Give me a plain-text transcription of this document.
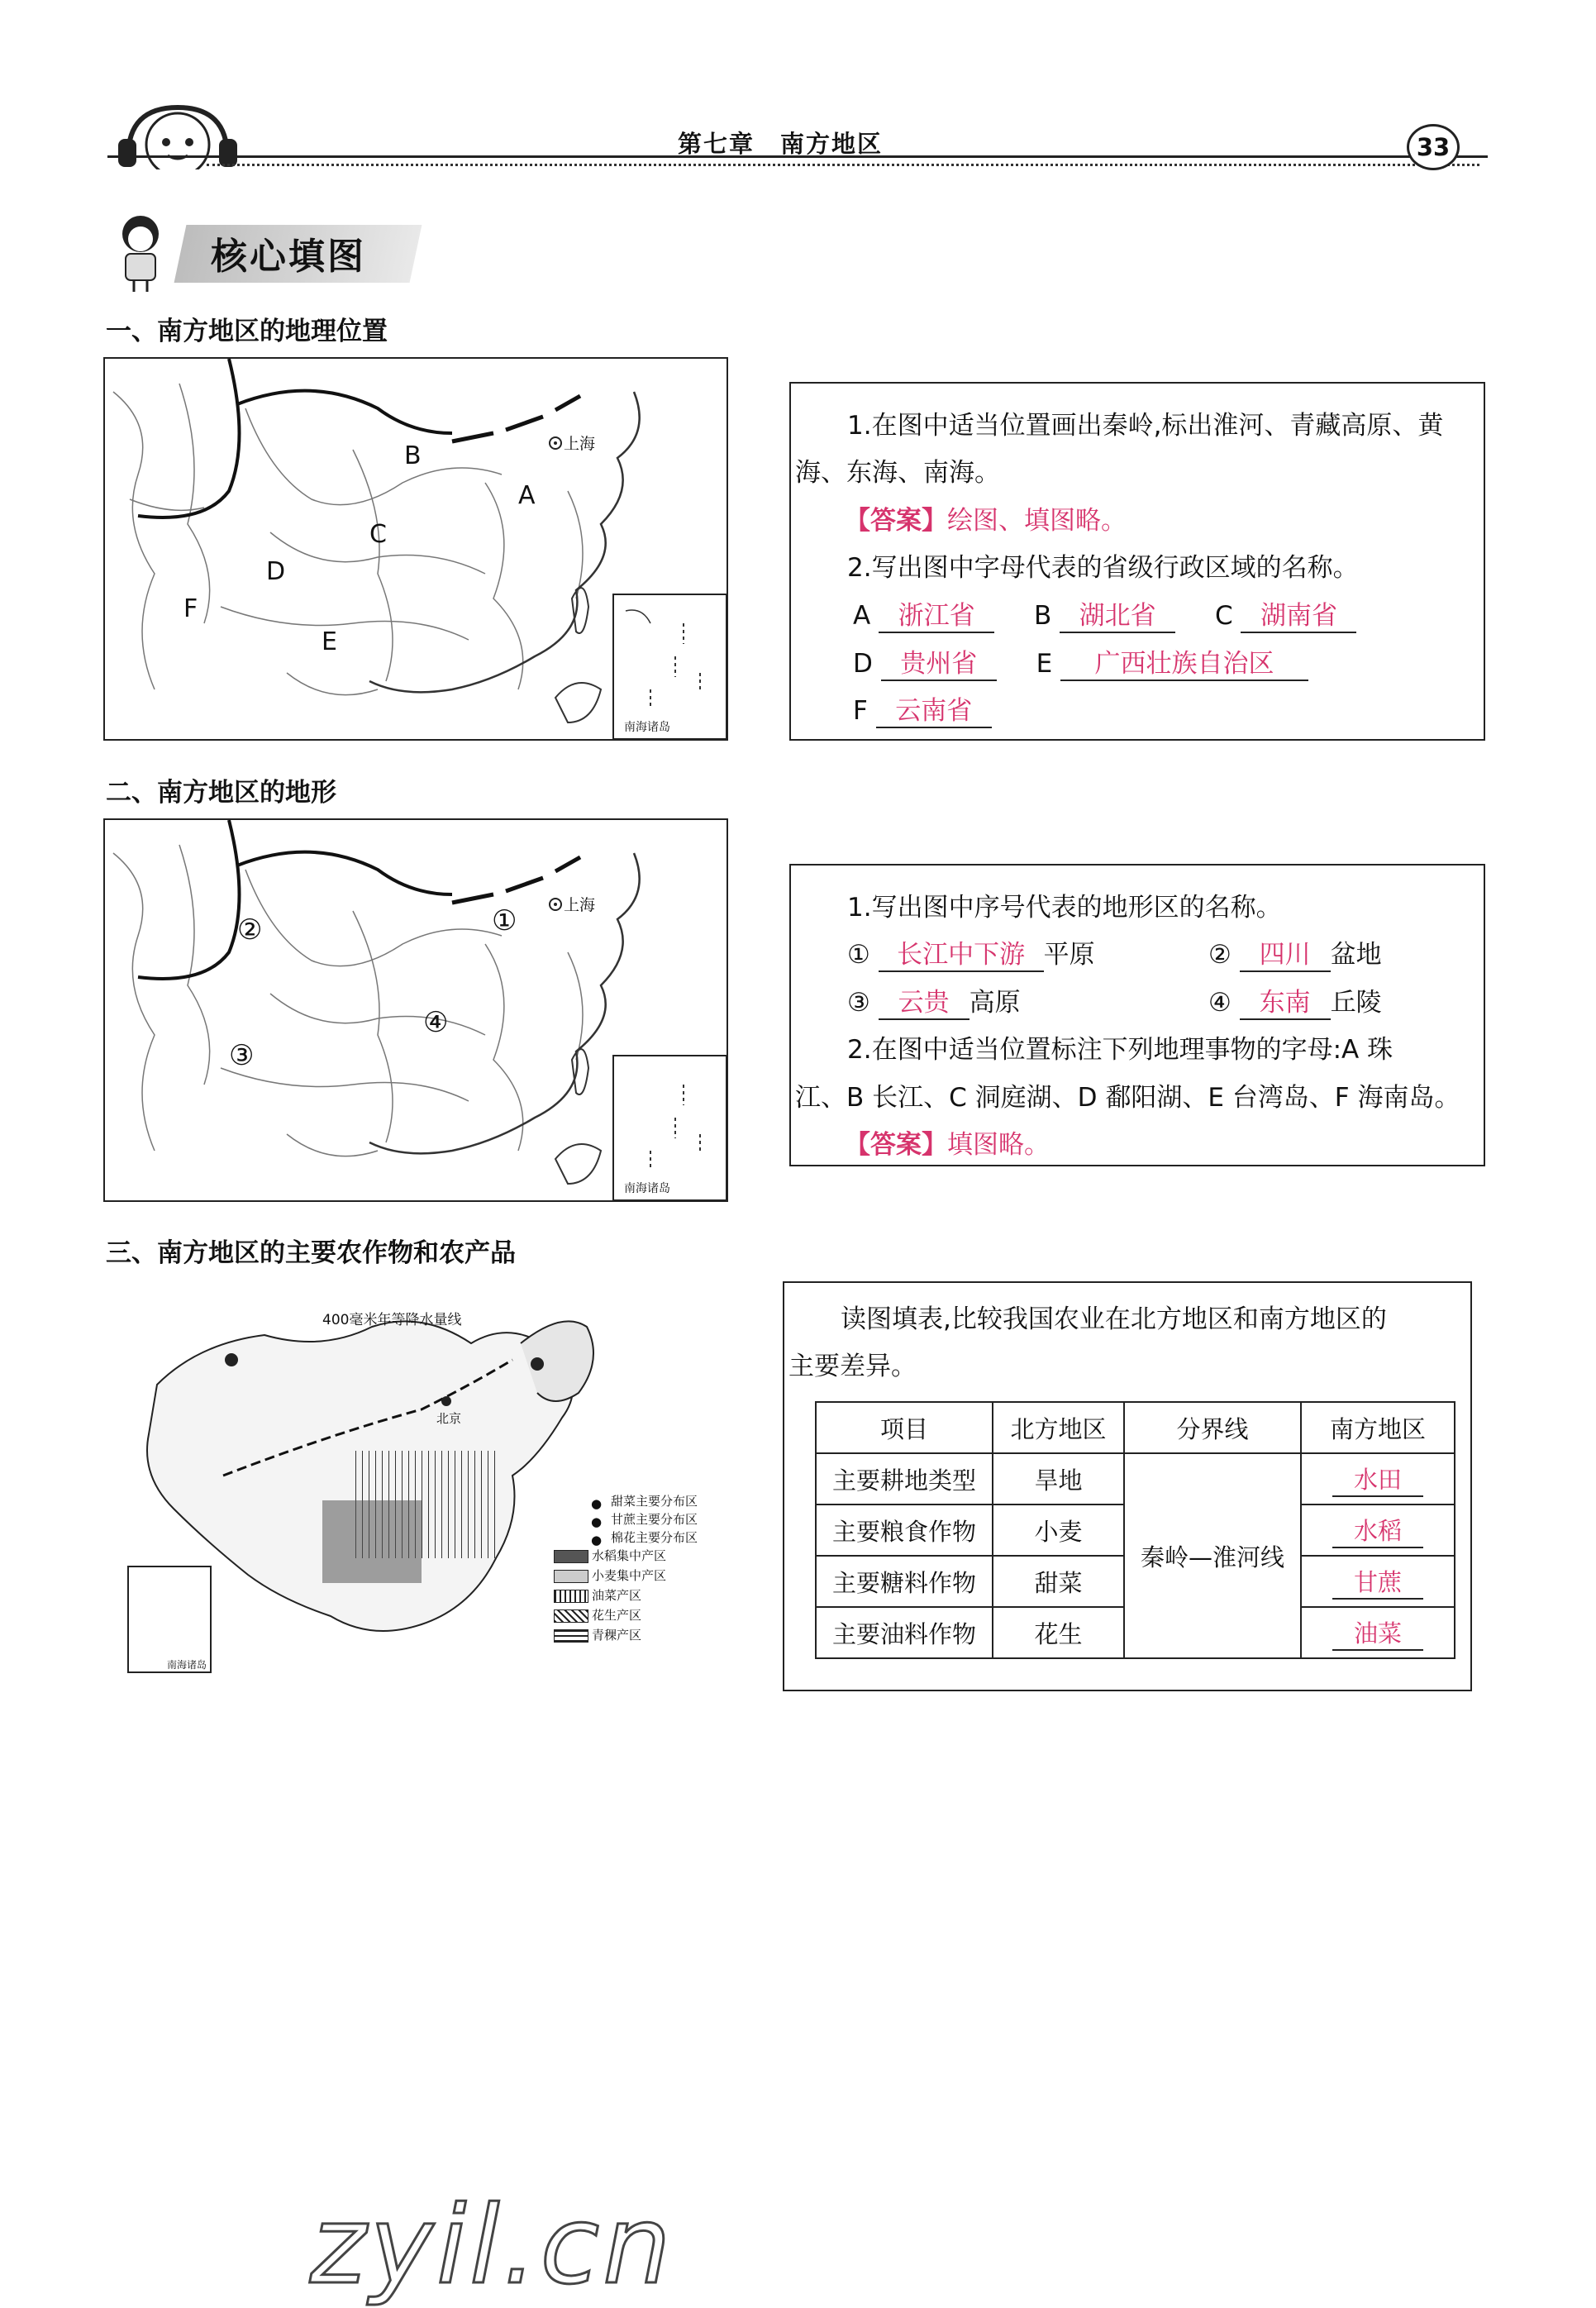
第七章　南方地区	33
核心填图
一、南方地区的地理位置
上海
南海诸岛
A
B
C
D
E
F
1.在图中适当位置画出秦岭,标出淮河、青藏高原、黄
海、东海、南海。
【答案】绘图、填图略。
2.写出图中字母代表的省级行政区域的名称。
A 浙江省 B 湖北省 C 湖南省
D 贵州省 E 广西壮族自治区
F 云南省
二、南方地区的地形
上海
南海诸岛
①
②
③
④
1.写出图中序号代表的地形区的名称。
① 长江中下游 平原	② 四川 盆地
③ 云贵 高原	④ 东南 丘陵
2.在图中适当位置标注下列地理事物的字母:A 珠
江、B 长江、C 洞庭湖、D 鄱阳湖、E 台湾岛、F 海南岛。
【答案】填图略。
三、南方地区的主要农作物和农产品
400毫米年等降水量线
北京
南海诸岛
● 甜菜主要分布区
● 甘蔗主要分布区
● 棉花主要分布区
水稻集中产区
小麦集中产区
油菜产区
花生产区
青稞产区
读图填表,比较我国农业在北方地区和南方地区的
主要差异。
项目	北方地区	分界线	南方地区
主要耕地类型	旱地	秦岭—淮河线	水田
主要粮食作物	小麦		水稻
主要糖料作物	甜菜		甘蔗
主要油料作物	花生		油菜
zyil.cn
